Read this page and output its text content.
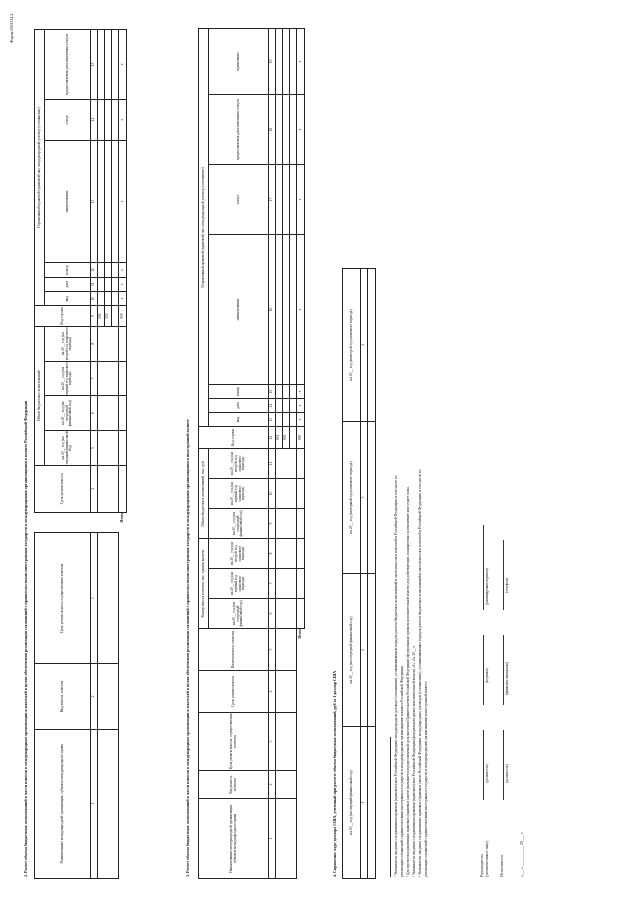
Форма 0503314.2
2. Расчет объема бюджетных ассигнований в части взносов в международные организации и платежей в целях обеспечения реализации соглашений с правительствами иностранных государств и международными организациями в валюте Российской Федерации	Наименование международной организации, субъекта международного права	Вид взноса, платежа	Цель уплаты взноса, осуществления платежа		Срок уплаты взноса	Объем бюджетных ассигнований				Код строки	Нормативный правовой (правовой) акт, международный договор (соглашение)					
					на 20__ год (на текущий финансовый год)	на 20__ год (на очередной финансовый год)	на 20__ год (на первый год планового периода)	на 20__ год (на второй год планового периода)		вид	дата	номер	наименование	статус	предполагаемая дата изменения статуса

1	2	3		4	5	6	7	8	9	10	11	12	13	14	15
									001						
									002						

			Итого						900	x	x	x	x	x	x
3. Расчет объема бюджетных ассигнований в части взносов в международные организации и платежей в целях обеспечения реализации соглашений с правительствами иностранных государств и международными организациями в иностранной валюте	Наименование международной организации, субъекта международного права	Вид взноса, платежа	Цель уплаты взноса, осуществления платежа	Срок уплаты взноса	Валюта взноса, платежа	Размер взноса платежа, тыс. единиц валюты			Объем бюджетных ассигнований, тыс. руб.			Код строки	Нормативный правовой (правовой) акт, международный договор (соглашение)						
					на 20__ год (на очередной финансовый год)	на 20__ год (на первый год планового периода)	на 20__ год (на второй год планового периода)	на 20__ год (на очередной финансовый год)	на 20__ год (на первый год планового периода)	на 20__ год (на второй год планового периода)		вид	дата	номер	наименование	статус	предполагаемая дата изменения статуса	примечание

1	2	3	4	5	6	7	8	9	10	11	12	13	14	15	16	17	18	19
											001							
											002							

				Итого							900	x	x	x	x	x	x	x
4. Справочно: курс доллара США, учтенный при расчете объема бюджетных ассигнований, руб за 1 доллар США	на 20__ год (на текущий финансовый год)	на 20__ год (на очередной финансовый год)	на 20__ год (на первый год планового периода)	на 20__ год (на второй год планового периода)
1	2	3	4

¹ Указывается сведения о нормативном правовом (правовом) акте Российской Федерации, международном договоре (соглашении), устанавливающем порядок расчета бюджетных ассигнований в части взносов и платежей в Российской Федерации, в том числе по реализации соглашений с правительствами иностранных государств и международными организациями в валюте Российской Федерации. ² Для проектов нормативных правовых (правовых) актов указывается предполагаемый срок внесения Правительством Российской Федерации (федеральным органом исполнительной власти) для действующих, планируемых к изменению или утрате силы. ³ Указывается сведения о нормативном правовом (правовом) акте Российской Федерации (федеральном органе исполнительной власти) «1» «1» 20__ г. ⁴ Указывается сведения о нормативных правовых (правовых) актах Российской Федерации, международных договорах (соглашениях), устанавливающих порядок расчета бюджетных ассигнований в части взносов и платежей в Российской Федерации, в том числе по реализации соглашений с правительствами иностранных государств и международными организациями в иностранной валюте.	Руководитель (уполномоченное лицо)
(должность)
(подпись)
(расшифровка подписи)
Исполнитель
(должность)
(фамилия, инициалы)
(телефон)
«___» __________ 20___ г.
